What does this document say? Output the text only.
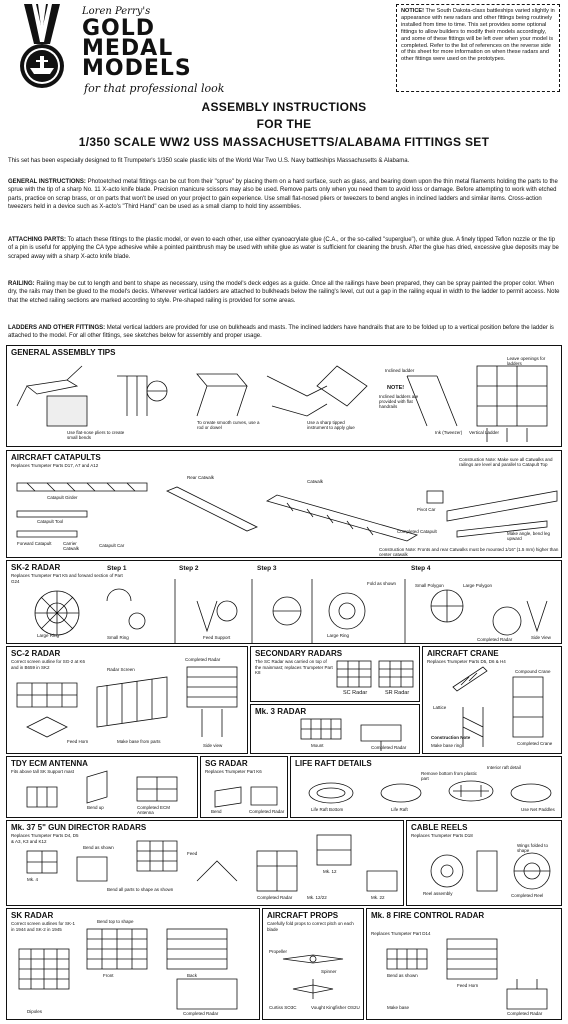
Loren Perry's
GOLD
MEDAL
MODELS
for that professional look
NOTICE! The South Dakota-class battleships varied slightly in appearance with new radars and other fittings being routinely installed from time to time. This set provides some optional fittings to allow builders to modify their models accordingly, and some of these fittings will be left over when your model is completed. Refer to the list of references on the reverse side of this sheet for more information on when these radars and other fittings were used on the prototypes.
ASSEMBLY INSTRUCTIONS
FOR THE
1/350 SCALE WW2 USS MASSACHUSETTS/ALABAMA FITTINGS SET
This set has been especially designed to fit Trumpeter's 1/350 scale plastic kits of the World War Two U.S. Navy battleships Massachusetts & Alabama.
GENERAL INSTRUCTIONS: Photoetched metal fittings can be cut from their "sprue" by placing them on a hard surface, such as glass, and bearing down upon the thin metal filaments holding the parts to the sprue with the tip of a sharp No. 11 X-acto knife blade. Precision manicure scissors may also be used. Remove parts only when you need them to avoid loss or damage. Before attempting to work with etched parts, practice on scrap brass, or on parts that won't be used on your project to gain experience. Use small flat-nosed pliers or tweezers to bend angles in inclined ladders and similar items. Cross-action tweezers held in a device such as X-acto's "Third Hand" can be used as a small clamp to hold tiny assemblies.
ATTACHING PARTS: To attach these fittings to the plastic model, or even to each other, use either cyanoacrylate glue (C.A., or the so-called "superglue"), or white glue. A finely tipped Teflon nozzle or the tip of a pin is useful for applying the CA type adhesive while a pointed paintbrush may be used with white glue as water is sufficient for cleaning the brush. After the glue has dried, excessive glue deposits may be scraped away with a sharp X-acto knife blade.
RAILING: Railing may be cut to length and bent to shape as necessary, using the model's deck edges as a guide. Once all the railings have been prepared, they can be spray painted the proper color. When dry, the rails may then be glued to the model's decks. Wherever vertical ladders are attached to bulkheads below the railing's level, cut out a gap in the railing equal in width to the ladder to permit access. Note that the etched railing sections are marked according to style. Pre-shaped railing is provided for some areas.
LADDERS AND OTHER FITTINGS: Metal vertical ladders are provided for use on bulkheads and masts. The inclined ladders have handrails that are to be folded up to a vertical position before the ladder is attached to the model. For all other fittings, see sketches below for assembly and proper usage.
GENERAL ASSEMBLY TIPS
Use flat-nose pliers to create small bends
To create smooth curves, use a rod or dowel
Use a sharp tipped instrument to apply glue
NOTE!
Inclined ladders are provided with flat handrails
Leave openings for ladders
Inclined ladder
Ink (Tweezer) Vertical Ladder
AIRCRAFT CATAPULTS
Replaces Trumpeter Parts D17, A7 and A12
Catapult Girder
Catapult Tool
Forward Catapult	Carrier Catwalk
Catapult Car
Rear Catwalk
Catwalk
Construction Note: Make sure all Catwalks and railings are level and parallel to Catapult Top
Completed Catapult	Make angle, bend leg upward
Pivot Car
Construction Note: Fronts and rear Catwalks must be mounted 1/16" (1.5 mm) higher than center catwalk
SK-2 RADAR
Replaces Trumpeter Part K5 and forward section of Part G24
Step 1	Step 2	Step 3	Step 4
Large Ring	Small Ring	Feed Support	Large Ring
Fold as shown	Small Polygon	Large Polygon
Completed Radar	Side View
SC-2 RADAR
Correct screen outline for SG-2 at K6 and in B659 in SK2	Radar Screen
Feed Horn	Make base from parts
Completed Radar
Side view
SECONDARY RADARS
The SC Radar was carried on top of the mainmast; replaces Trumpeter Part K8
SC Radar	SR Radar
Mk. 3 RADAR
Completed Radar
Mount
AIRCRAFT CRANE
Replaces Trumpeter Parts D5, D6 & H4
Compound Crane
Lattice
Completed Crane
Construction Note
Make base ring
TDY ECM ANTENNA
Fits above tall SK Support mast
Bend up	Completed ECM Antenna
SG RADAR
Replaces Trumpeter Part K6
Completed Radar
Bend
LIFE RAFT DETAILS
Remove bottom from plastic part
Life Raft Bottom	Life Raft
Interior raft detail
Use Net Paddles
Mk. 37 5" GUN DIRECTOR RADARS
Replaces Trumpeter Parts D4, D5 & A3, K3 and K12
Bend as shown
Feed
Bend all parts to shape as shown
Completed Radar	Mk. 12/22
Mk. 4
Mk. 12
Mk. 22
CABLE REELS
Replaces Trumpeter Parts D18
Wings folded to shape
Reel assembly	Completed Reel
SK RADAR
Correct screen outlines for SK-1 in 1944 and SK-2 in 1945
Completed Radar
Bend top to shape
Front	Back
Dipoles
AIRCRAFT PROPS
Carefully fold props to correct pitch on each blade
Propeller
Curtiss SO3C	Vought Kingfisher OS2U
Spinner
Mk. 8 FIRE CONTROL RADAR
Replaces Trumpeter Part D14
Bend as shown
Completed Radar
Feed Horn
Make base
